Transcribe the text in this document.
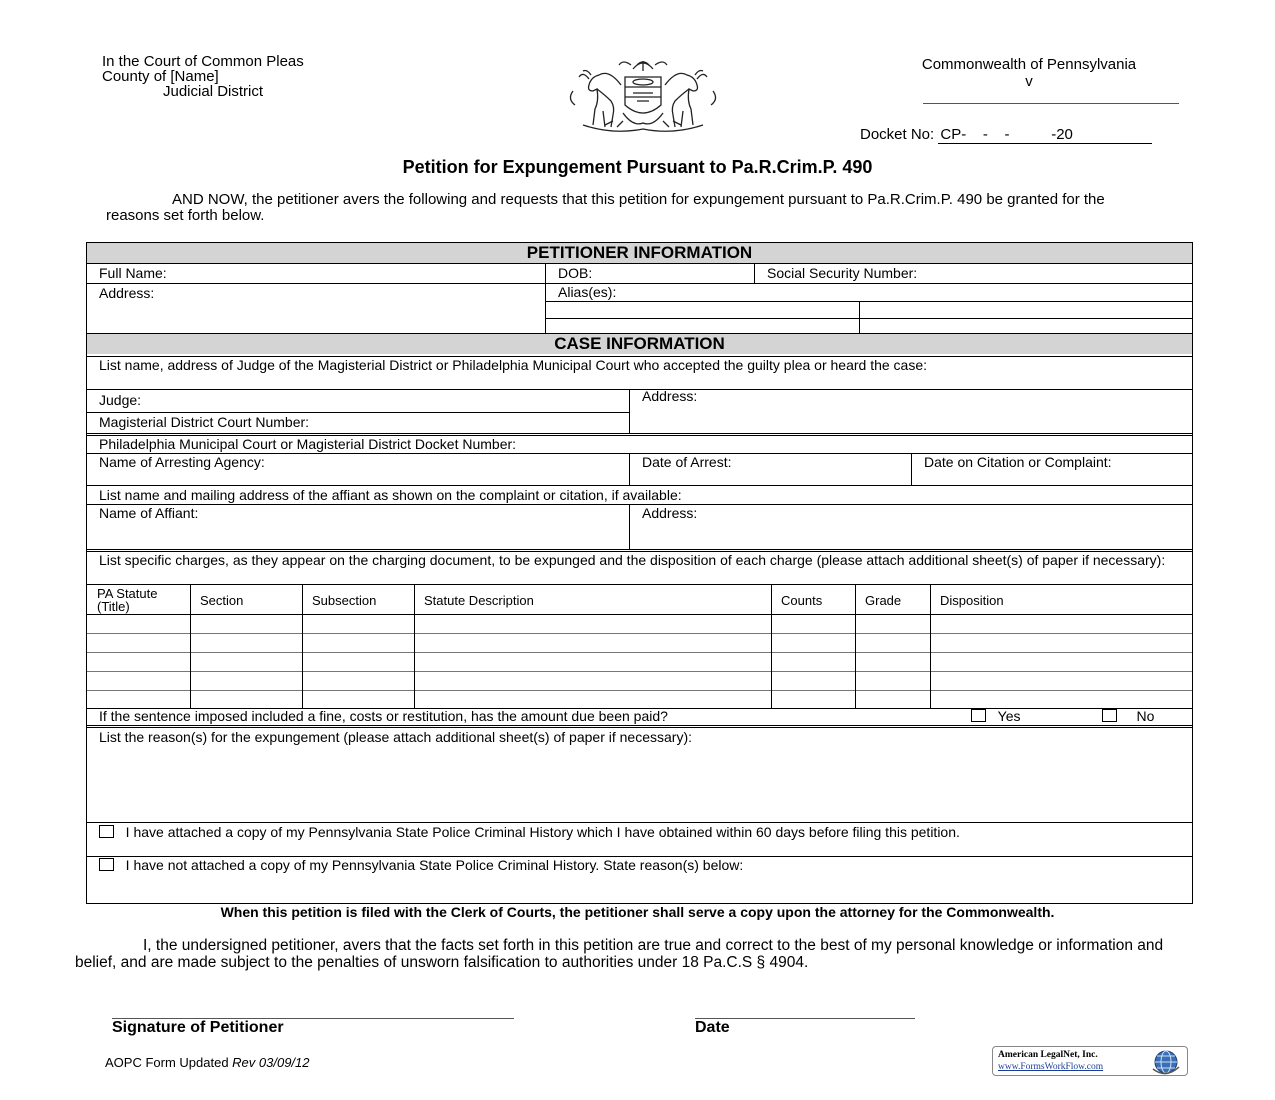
In the Court of Common Pleas
County of [Name]
Judicial District
Commonwealth of Pennsylvania
v
Docket No: CP-    -    -          -20
Petition for Expungement Pursuant to Pa.R.Crim.P. 490
AND NOW, the petitioner avers the following and requests that this petition for expungement pursuant to Pa.R.Crim.P. 490 be granted for the reasons set forth below.
PETITIONER INFORMATION
Full Name:	DOB:	Social Security Number:
Address:	Alias(es):
CASE INFORMATION
List name, address of Judge of the Magisterial District or Philadelphia Municipal Court who accepted the guilty plea or heard the case:
Judge:	Address:
Magisterial District Court Number:
Philadelphia Municipal Court or Magisterial District Docket Number:
Name of Arresting Agency:	Date of Arrest:	Date on Citation or Complaint:
List name and mailing address of the affiant as shown on the complaint or citation, if available:
Name of Affiant:	Address:
List specific charges, as they appear on the charging document, to be expunged and the disposition of each charge (please attach additional sheet(s) of paper if necessary):
PA Statute (Title)	Section	Subsection	Statute Description	Counts	Grade	Disposition
If the sentence imposed included a fine, costs or restitution, has the amount due been paid?	Yes	No
List the reason(s) for the expungement (please attach additional sheet(s) of paper if necessary):
I have attached a copy of my Pennsylvania State Police Criminal History which I have obtained within 60 days before filing this petition.
I have not attached a copy of my Pennsylvania State Police Criminal History. State reason(s) below:
When this petition is filed with the Clerk of Courts, the petitioner shall serve a copy upon the attorney for the Commonwealth.
I, the undersigned petitioner, avers that the facts set forth in this petition are true and correct to the best of my personal knowledge or information and belief, and are made subject to the penalties of unsworn falsification to authorities under 18 Pa.C.S § 4904.
Signature of Petitioner	Date
AOPC Form Updated Rev 03/09/12	American LegalNet, Inc.
www.FormsWorkFlow.com
